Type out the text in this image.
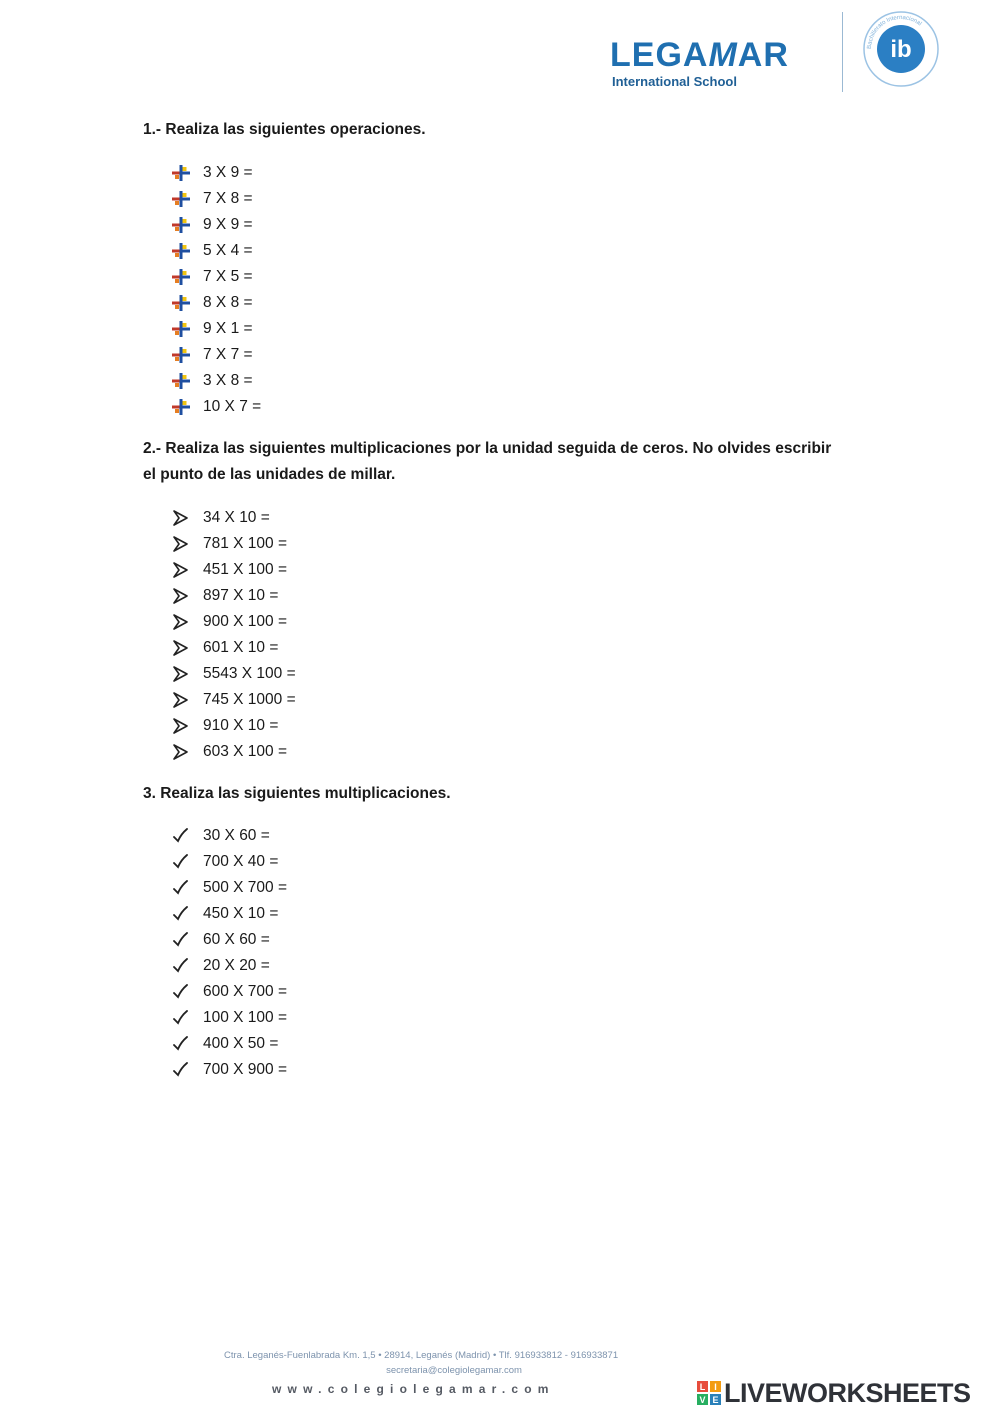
LEGAMAR
International School
ib
Bachillerato Internacional
1.- Realiza las siguientes operaciones.
3 X 9 =
7 X 8 =
9 X 9 =
5 X 4 =
7 X 5 =
8 X 8 =
9 X 1 =
7 X 7 =
3 X 8 =
10 X 7 =
2.- Realiza las siguientes multiplicaciones por la unidad seguida de ceros. No olvides escribir
el punto de las unidades de millar.
34 X 10 =
781 X 100 =
451 X 100 =
897 X 10 =
900 X 100 =
601 X 10 =
5543 X 100 =
745 X 1000 =
910 X 10 =
603 X 100 =
3. Realiza las siguientes multiplicaciones.
30 X 60 =
700 X 40 =
500 X 700 =
450 X 10 =
60 X 60 =
20 X 20 =
600 X 700 =
100 X 100 =
400 X 50 =
700 X 900 =
Ctra. Leganés-Fuenlabrada Km. 1,5 • 28914, Leganés (Madrid) • Tlf. 916933812 - 916933871
secretaria@colegiolegamar.com
www.colegiolegamar.com	L I
V E LIVEWORKSHEETS
